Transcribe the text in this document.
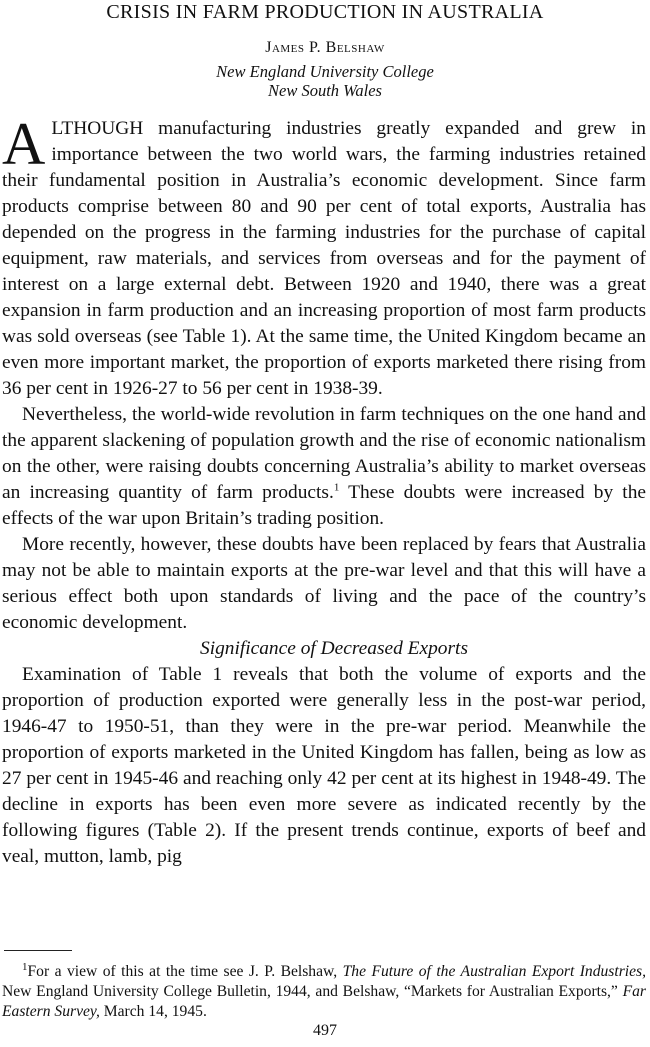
CRISIS IN FARM PRODUCTION IN AUSTRALIA
James P. Belshaw
New England University College
New South Wales

ALTHOUGH manufacturing industries greatly expanded and grew in importance between the two world wars, the farming industries retained their fundamental position in Australia’s economic development. Since farm products comprise between 80 and 90 per cent of total exports, Australia has depended on the progress in the farming industries for the purchase of capital equipment, raw materials, and services from overseas and for the payment of interest on a large external debt. Between 1920 and 1940, there was a great expansion in farm production and an increasing proportion of most farm products was sold overseas (see Table 1). At the same time, the United Kingdom became an even more important market, the proportion of exports marketed there rising from 36 per cent in 1926-27 to 56 per cent in 1938-39.

Nevertheless, the world-wide revolution in farm techniques on the one hand and the apparent slackening of population growth and the rise of economic nationalism on the other, were raising doubts concerning Australia’s ability to market overseas an increasing quantity of farm products.$^1$ These doubts were increased by the effects of the war upon Britain’s trading position.

More recently, however, these doubts have been replaced by fears that Australia may not be able to maintain exports at the pre-war level and that this will have a serious effect both upon standards of living and the pace of the country’s economic development.

Significance of Decreased Exports

Examination of Table 1 reveals that both the volume of exports and the proportion of production exported were generally less in the post-war period, 1946-47 to 1950-51, than they were in the pre-war period. Meanwhile the proportion of exports marketed in the United Kingdom has fallen, being as low as 27 per cent in 1945-46 and reaching only 42 per cent at its highest in 1948-49. The decline in exports has been even more severe as indicated recently by the following figures (Table 2). If the present trends continue, exports of beef and veal, mutton, lamb, pig

$^1$For a view of this at the time see J. P. Belshaw, The Future of the Australian Export Industries, New England University College Bulletin, 1944, and Belshaw, “Markets for Australian Exports,” Far Eastern Survey, March 14, 1945.
497
